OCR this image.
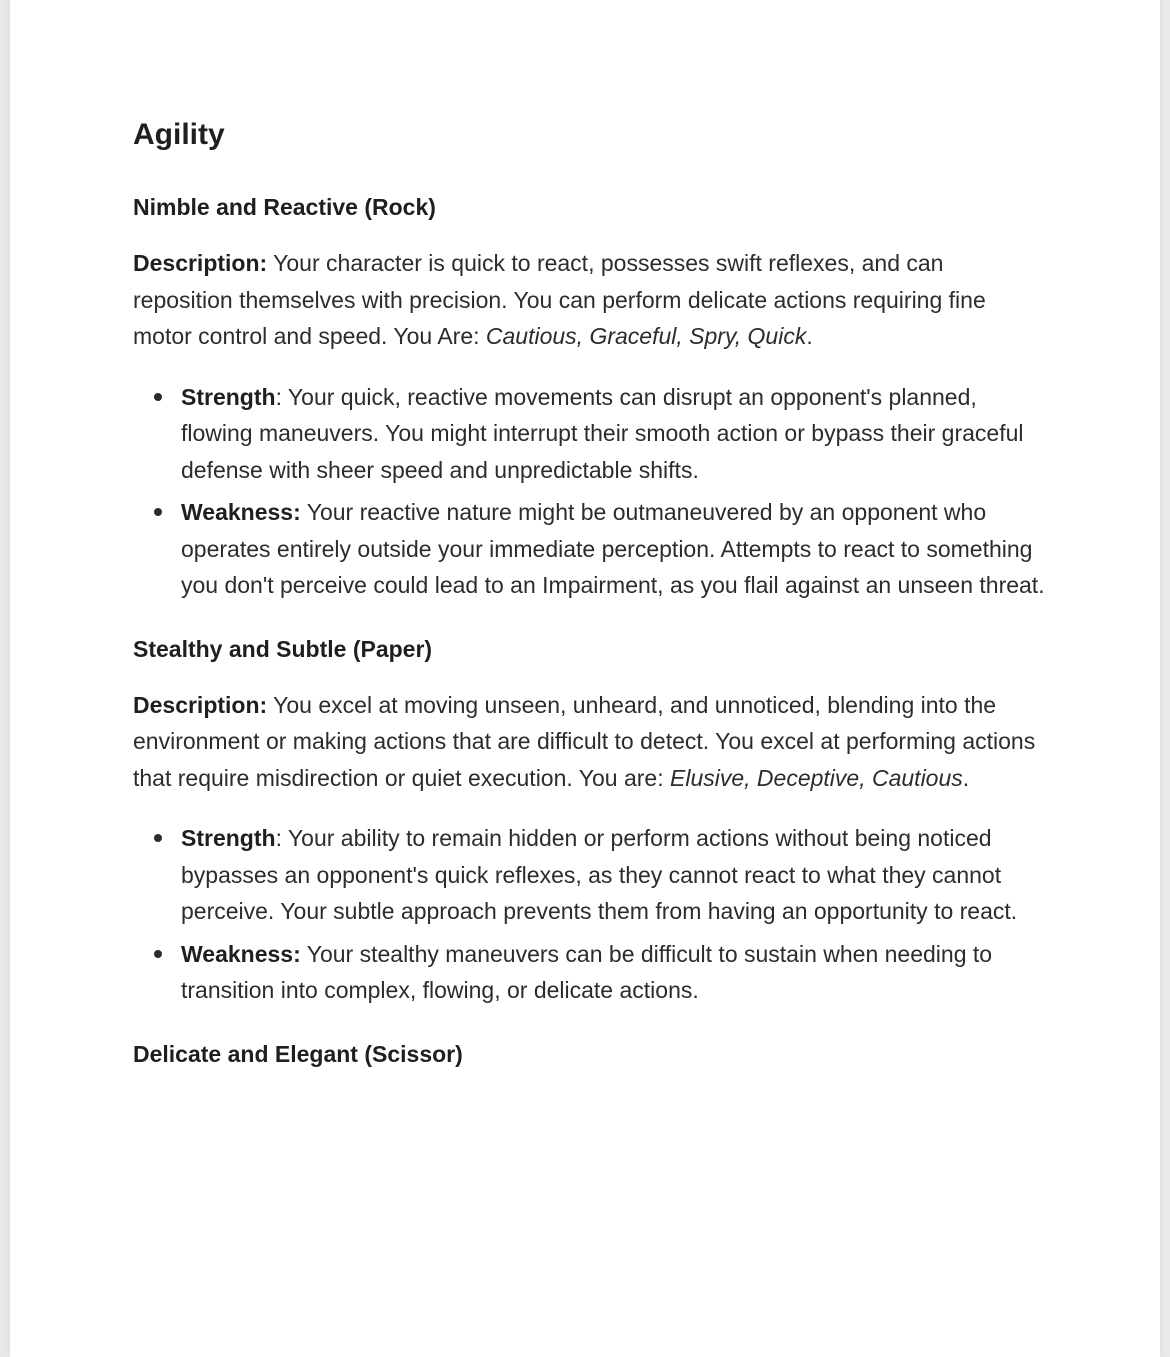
Agility
Nimble and Reactive (Rock)

Description: Your character is quick to react, possesses swift reflexes, and can reposition themselves with precision. You can perform delicate actions requiring fine motor control and speed. You Are: Cautious, Graceful, Spry, Quick.

Strength: Your quick, reactive movements can disrupt an opponent's planned, flowing maneuvers. You might interrupt their smooth action or bypass their graceful defense with sheer speed and unpredictable shifts.
Weakness: Your reactive nature might be outmaneuvered by an opponent who operates entirely outside your immediate perception. Attempts to react to something you don't perceive could lead to an Impairment, as you flail against an unseen threat.
Stealthy and Subtle (Paper)

Description: You excel at moving unseen, unheard, and unnoticed, blending into the environment or making actions that are difficult to detect. You excel at performing actions that require misdirection or quiet execution. You are: Elusive, Deceptive, Cautious.

Strength: Your ability to remain hidden or perform actions without being noticed bypasses an opponent's quick reflexes, as they cannot react to what they cannot perceive. Your subtle approach prevents them from having an opportunity to react.
Weakness: Your stealthy maneuvers can be difficult to sustain when needing to transition into complex, flowing, or delicate actions.
Delicate and Elegant (Scissor)
